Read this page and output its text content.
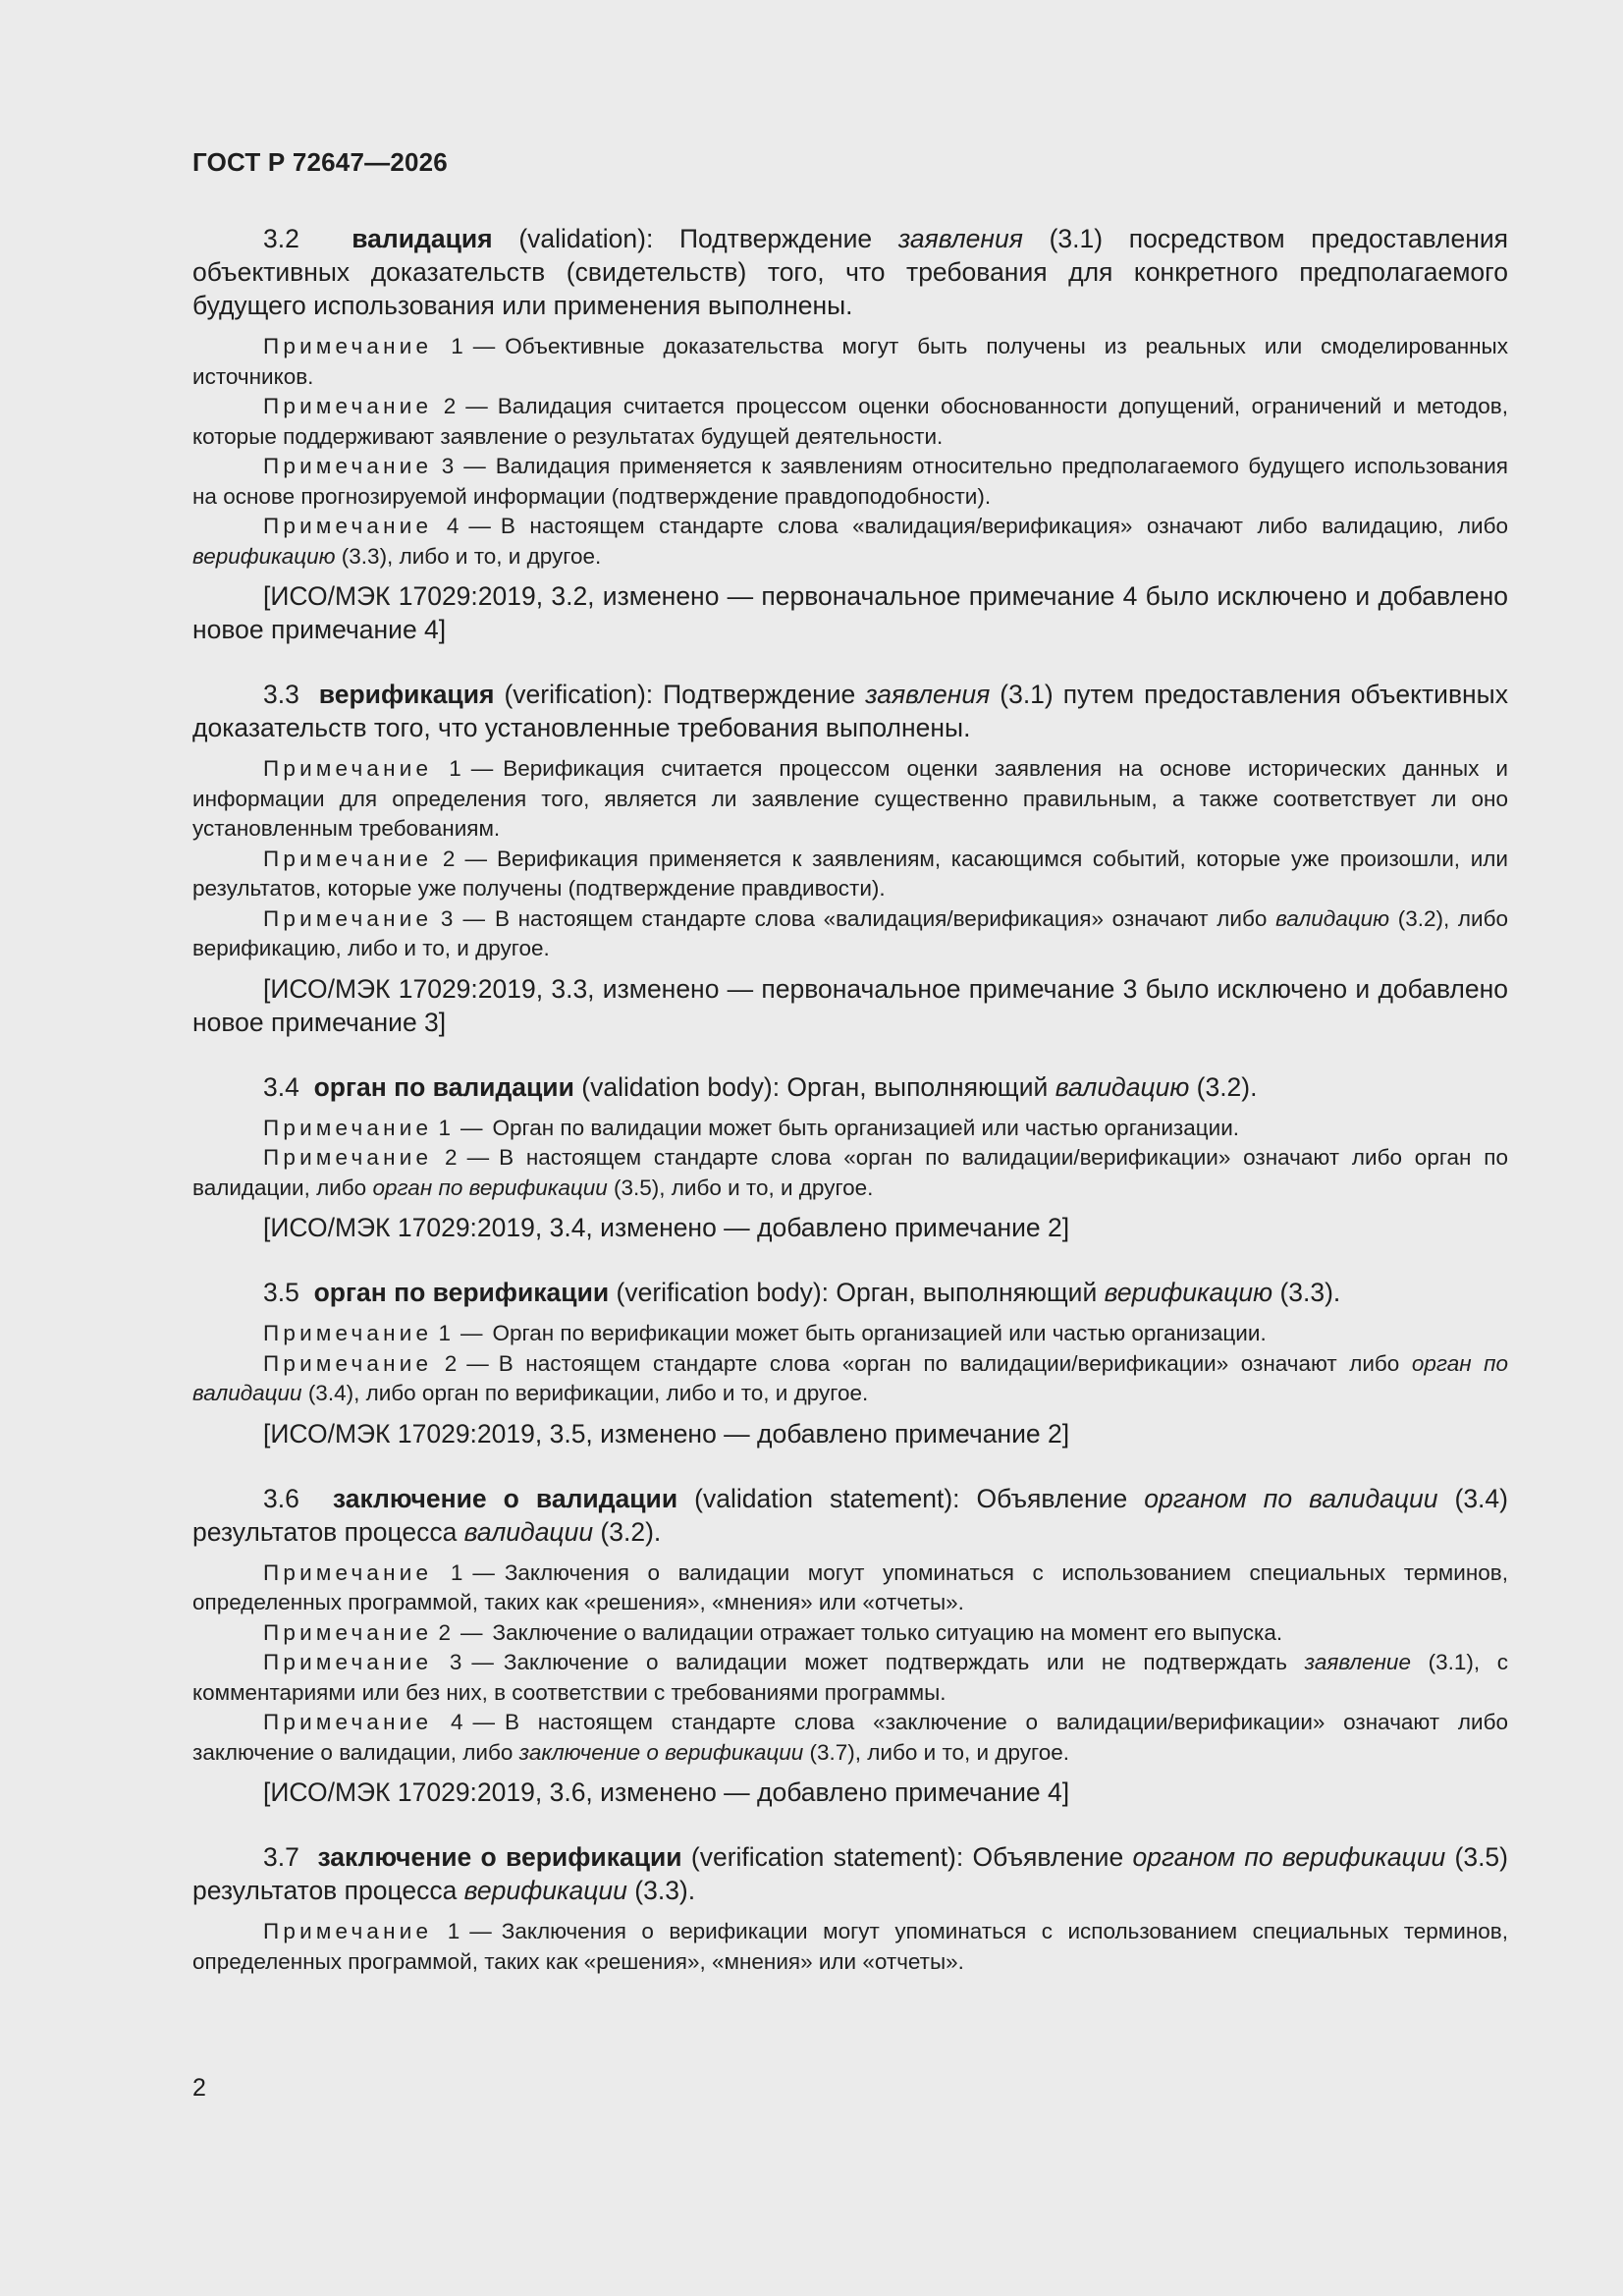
ГОСТ Р 72647—2026

3.2 валидация (validation): Подтверждение заявления (3.1) посредством предоставления объективных доказательств (свидетельств) того, что требования для конкретного предполагаемого будущего использования или применения выполнены.

Примечание 1 — Объективные доказательства могут быть получены из реальных или смоделированных источников.

Примечание 2 — Валидация считается процессом оценки обоснованности допущений, ограничений и методов, которые поддерживают заявление о результатах будущей деятельности.

Примечание 3 — Валидация применяется к заявлениям относительно предполагаемого будущего использования на основе прогнозируемой информации (подтверждение правдоподобности).

Примечание 4 — В настоящем стандарте слова «валидация/верификация» означают либо валидацию, либо верификацию (3.3), либо и то, и другое.

[ИСО/МЭК 17029:2019, 3.2, изменено — первоначальное примечание 4 было исключено и добавлено новое примечание 4]

3.3 верификация (verification): Подтверждение заявления (3.1) путем предоставления объективных доказательств того, что установленные требования выполнены.

Примечание 1 — Верификация считается процессом оценки заявления на основе исторических данных и информации для определения того, является ли заявление существенно правильным, а также соответствует ли оно установленным требованиям.

Примечание 2 — Верификация применяется к заявлениям, касающимся событий, которые уже произошли, или результатов, которые уже получены (подтверждение правдивости).

Примечание 3 — В настоящем стандарте слова «валидация/верификация» означают либо валидацию (3.2), либо верификацию, либо и то, и другое.

[ИСО/МЭК 17029:2019, 3.3, изменено — первоначальное примечание 3 было исключено и добавлено новое примечание 3]

3.4 орган по валидации (validation body): Орган, выполняющий валидацию (3.2).

Примечание 1 — Орган по валидации может быть организацией или частью организации.

Примечание 2 — В настоящем стандарте слова «орган по валидации/верификации» означают либо орган по валидации, либо орган по верификации (3.5), либо и то, и другое.

[ИСО/МЭК 17029:2019, 3.4, изменено — добавлено примечание 2]

3.5 орган по верификации (verification body): Орган, выполняющий верификацию (3.3).

Примечание 1 — Орган по верификации может быть организацией или частью организации.

Примечание 2 — В настоящем стандарте слова «орган по валидации/верификации» означают либо орган по валидации (3.4), либо орган по верификации, либо и то, и другое.

[ИСО/МЭК 17029:2019, 3.5, изменено — добавлено примечание 2]

3.6 заключение о валидации (validation statement): Объявление органом по валидации (3.4) результатов процесса валидации (3.2).

Примечание 1 — Заключения о валидации могут упоминаться с использованием специальных терминов, определенных программой, таких как «решения», «мнения» или «отчеты».

Примечание 2 — Заключение о валидации отражает только ситуацию на момент его выпуска.

Примечание 3 — Заключение о валидации может подтверждать или не подтверждать заявление (3.1), с комментариями или без них, в соответствии с требованиями программы.

Примечание 4 — В настоящем стандарте слова «заключение о валидации/верификации» означают либо заключение о валидации, либо заключение о верификации (3.7), либо и то, и другое.

[ИСО/МЭК 17029:2019, 3.6, изменено — добавлено примечание 4]

3.7 заключение о верификации (verification statement): Объявление органом по верификации (3.5) результатов процесса верификации (3.3).

Примечание 1 — Заключения о верификации могут упоминаться с использованием специальных терминов, определенных программой, таких как «решения», «мнения» или «отчеты».

2
